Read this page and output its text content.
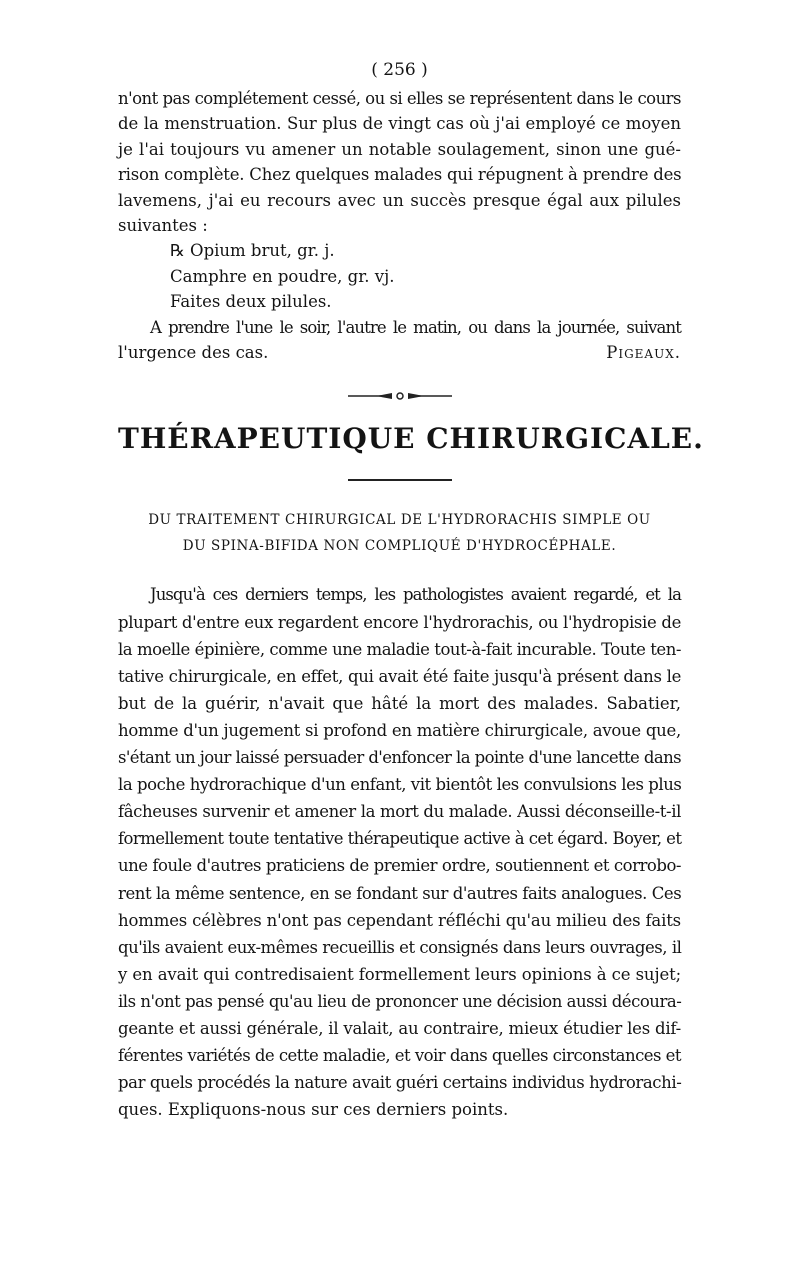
( 256 )
n'ont pas complétement cessé, ou si elles se représentent dans le cours
de la menstruation. Sur plus de vingt cas où j'ai employé ce moyen
je l'ai toujours vu amener un notable soulagement, sinon une gué-
rison complète. Chez quelques malades qui répugnent à prendre des
lavemens, j'ai eu recours avec un succès presque égal aux pilules
suivantes :
℞ Opium brut, gr. j.
Camphre en poudre, gr. vj.
Faites deux pilules.
A prendre l'une le soir, l'autre le matin, ou dans la journée, suivant
l'urgence des cas.	Pigeaux.
THÉRAPEUTIQUE CHIRURGICALE.
DU TRAITEMENT CHIRURGICAL DE L'HYDRORACHIS SIMPLE OU
DU SPINA-BIFIDA NON COMPLIQUÉ D'HYDROCÉPHALE.
Jusqu'à ces derniers temps, les pathologistes avaient regardé, et la
plupart d'entre eux regardent encore l'hydrorachis, ou l'hydropisie de
la moelle épinière, comme une maladie tout-à-fait incurable. Toute ten-
tative chirurgicale, en effet, qui avait été faite jusqu'à présent dans le
but de la guérir, n'avait que hâté la mort des malades. Sabatier,
homme d'un jugement si profond en matière chirurgicale, avoue que,
s'étant un jour laissé persuader d'enfoncer la pointe d'une lancette dans
la poche hydrorachique d'un enfant, vit bientôt les convulsions les plus
fâcheuses survenir et amener la mort du malade. Aussi déconseille-t-il
formellement toute tentative thérapeutique active à cet égard. Boyer, et
une foule d'autres praticiens de premier ordre, soutiennent et corrobo-
rent la même sentence, en se fondant sur d'autres faits analogues. Ces
hommes célèbres n'ont pas cependant réfléchi qu'au milieu des faits
qu'ils avaient eux-mêmes recueillis et consignés dans leurs ouvrages, il
y en avait qui contredisaient formellement leurs opinions à ce sujet;
ils n'ont pas pensé qu'au lieu de prononcer une décision aussi découra-
geante et aussi générale, il valait, au contraire, mieux étudier les dif-
férentes variétés de cette maladie, et voir dans quelles circonstances et
par quels procédés la nature avait guéri certains individus hydrorachi-
ques. Expliquons-nous sur ces derniers points.
